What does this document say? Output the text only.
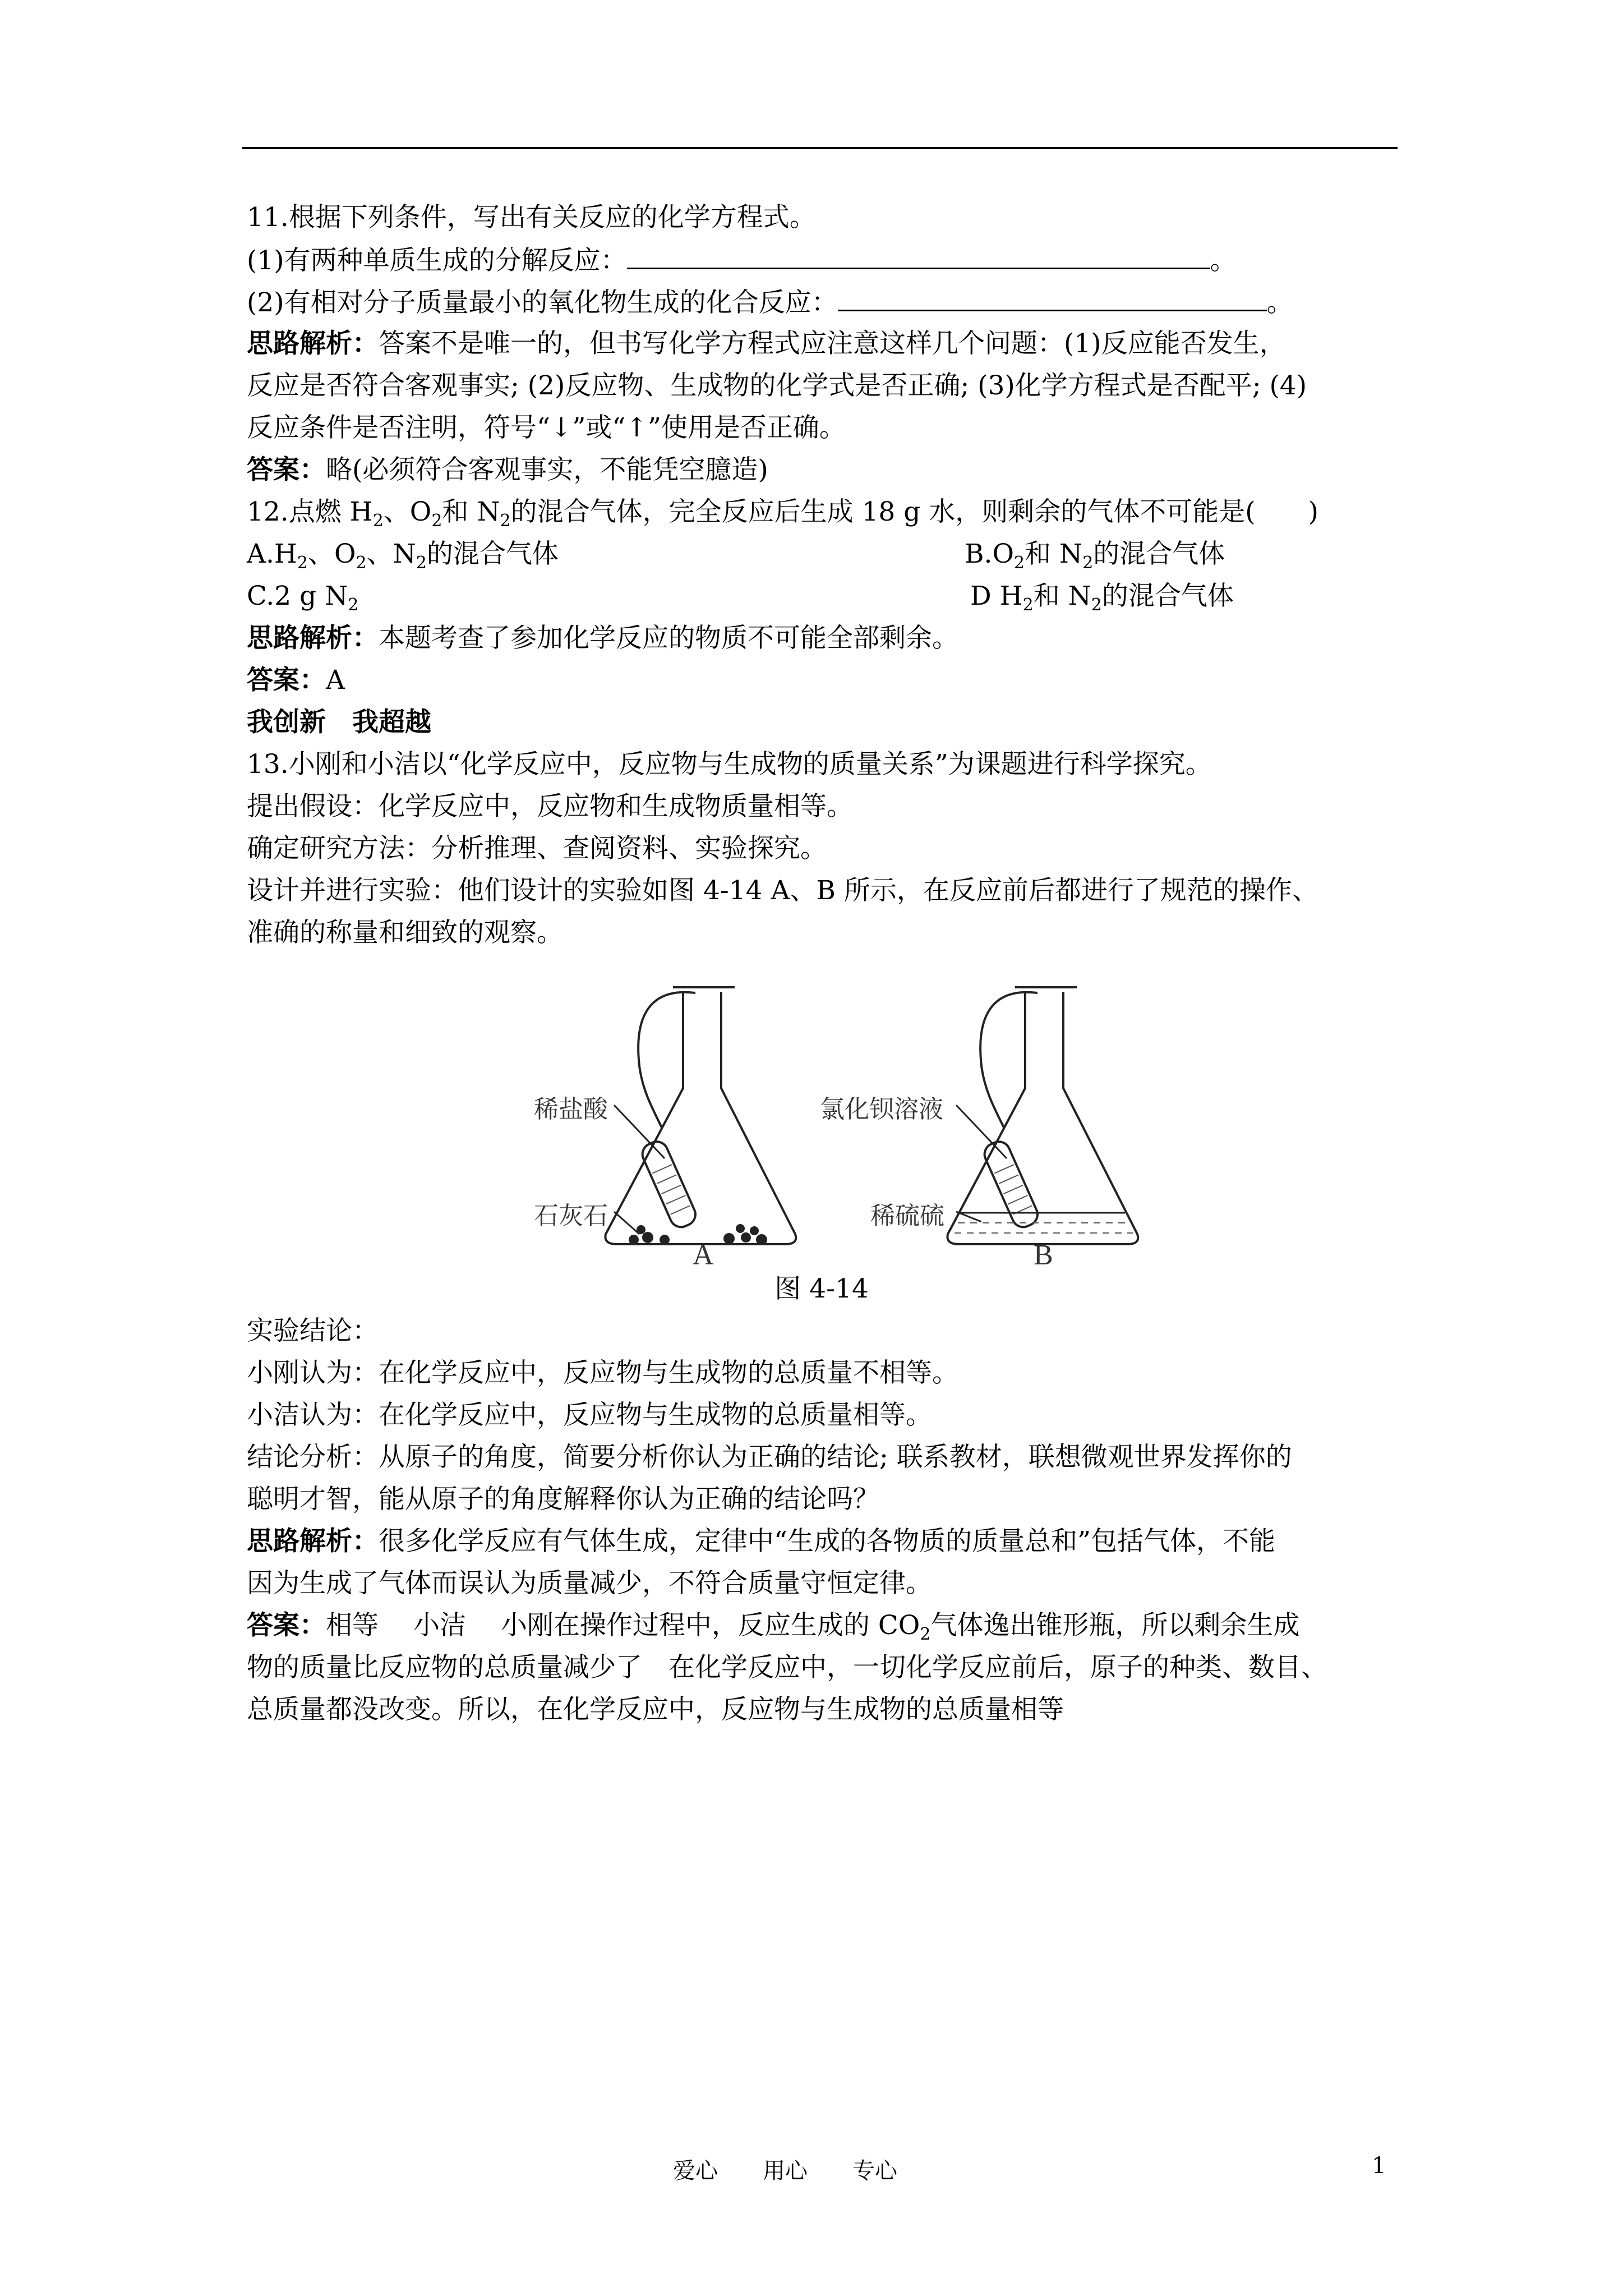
11.根据下列条件，写出有关反应的化学方程式。
(1)有两种单质生成的分解反应：	。
(2)有相对分子质量最小的氧化物生成的化合反应：	。
思路解析：答案不是唯一的，但书写化学方程式应注意这样几个问题：(1)反应能否发生，
反应是否符合客观事实; (2)反应物、生成物的化学式是否正确; (3)化学方程式是否配平; (4)
反应条件是否注明，符号“↓”或“↑”使用是否正确。
答案：略(必须符合客观事实，不能凭空臆造)
12.点燃 $H_2$、$O_2$和 $N_2$的混合气体，完全反应后生成 18 g 水，则剩余的气体不可能是(　　)
$A.H_2$、$O_2$、$N_2$的混合气体	$B.O_2$和 $N_2$的混合气体
C.2 g $N_2$	D $H_2$和 $N_2$的混合气体
思路解析：本题考查了参加化学反应的物质不可能全部剩余。
答案：A
我创新　我超越
13.小刚和小洁以“化学反应中，反应物与生成物的质量关系”为课题进行科学探究。
提出假设：化学反应中，反应物和生成物质量相等。
确定研究方法：分析推理、查阅资料、实验探究。
设计并进行实验：他们设计的实验如图 4-14 A、B 所示，在反应前后都进行了规范的操作、
准确的称量和细致的观察。
稀盐酸
石灰石
A
氯化钡溶液
稀硫硫
B
图 4-14
实验结论：
小刚认为：在化学反应中，反应物与生成物的总质量不相等。
小洁认为：在化学反应中，反应物与生成物的总质量相等。
结论分析：从原子的角度，简要分析你认为正确的结论; 联系教材，联想微观世界发挥你的
聪明才智，能从原子的角度解释你认为正确的结论吗？
思路解析：很多化学反应有气体生成，定律中“生成的各物质的质量总和”包括气体，不能
因为生成了气体而误认为质量减少，不符合质量守恒定律。
答案：相等　 小洁　 小刚在操作过程中，反应生成的 $CO_2$气体逸出锥形瓶，所以剩余生成
物的质量比反应物的总质量减少了　在化学反应中，一切化学反应前后，原子的种类、数目、
总质量都没改变。所以，在化学反应中，反应物与生成物的总质量相等
爱心　　用心　　专心	1
